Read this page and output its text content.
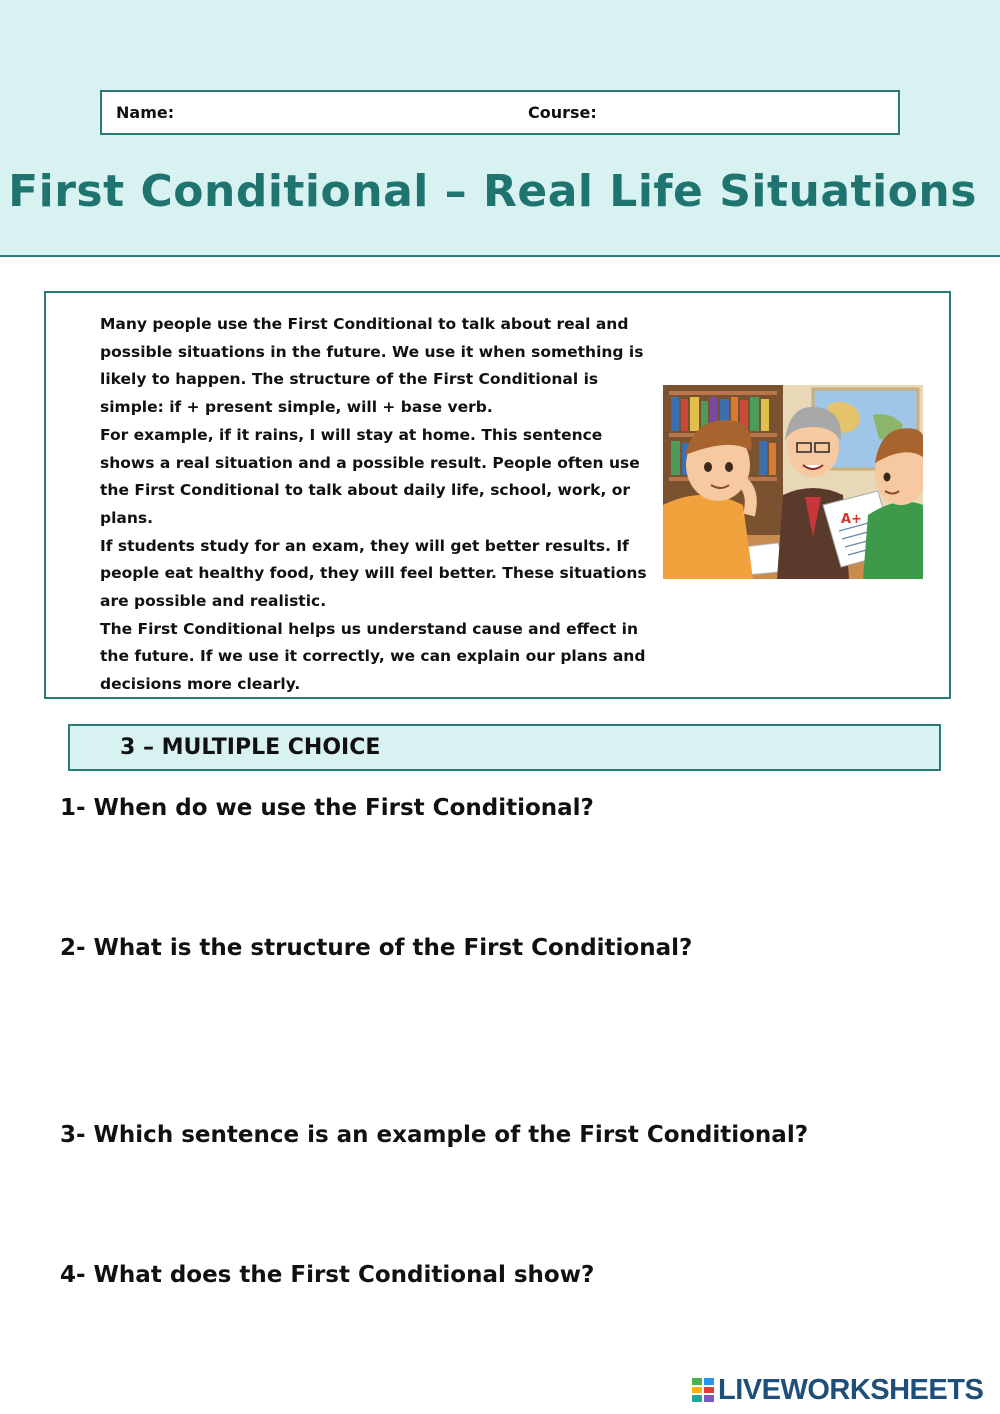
Name:	Course:
First Conditional – Real Life Situations

Many people use the First Conditional to talk about real and possible situations in the future. We use it when something is likely to happen. The structure of the First Conditional is simple: if + present simple, will + base verb.

For example, if it rains, I will stay at home. This sentence shows a real situation and a possible result. People often use the First Conditional to talk about daily life, school, work, or plans.

If students study for an exam, they will get better results. If people eat healthy food, they will feel better. These situations are possible and realistic.

The First Conditional helps us understand cause and effect in the future. If we use it correctly, we can explain our plans and decisions more clearly.

A+
3 – MULTIPLE CHOICE
1- When do we use the First Conditional?
2- What is the structure of the First Conditional?
3- Which sentence is an example of the First Conditional?
4- What does the First Conditional show?
LIVEWORKSHEETS
